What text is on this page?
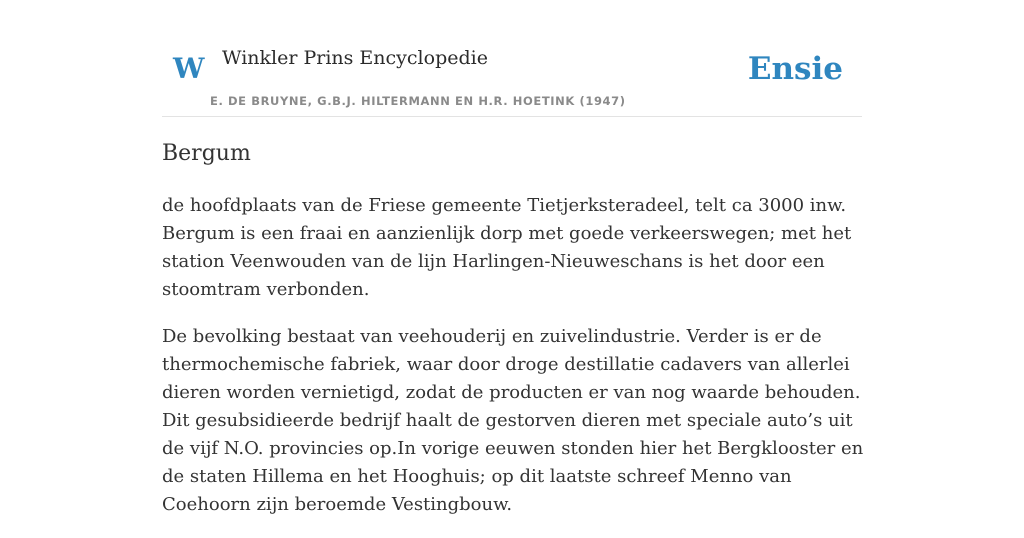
W Winkler Prins Encyclopedie
E. DE BRUYNE, G.B.J. HILTERMANN EN H.R. HOETINK (1947)
Ensie
Bergum

de hoofdplaats van de Friese gemeente Tietjerksteradeel, telt ca 3000 inw. Bergum is een fraai en aanzienlijk dorp met goede verkeerswegen; met het station Veenwouden van de lijn Harlingen-Nieuweschans is het door een stoomtram verbonden.

De bevolking bestaat van veehouderij en zuivelindustrie. Verder is er de thermochemische fabriek, waar door droge destillatie cadavers van allerlei dieren worden vernietigd, zodat de producten er van nog waarde behouden. Dit gesubsidieerde bedrijf haalt de gestorven dieren met speciale auto’s uit de vijf N.O. provincies op.In vorige eeuwen stonden hier het Bergklooster en de staten Hillema en het Hooghuis; op dit laatste schreef Menno van Coehoorn zijn beroemde Vestingbouw.
